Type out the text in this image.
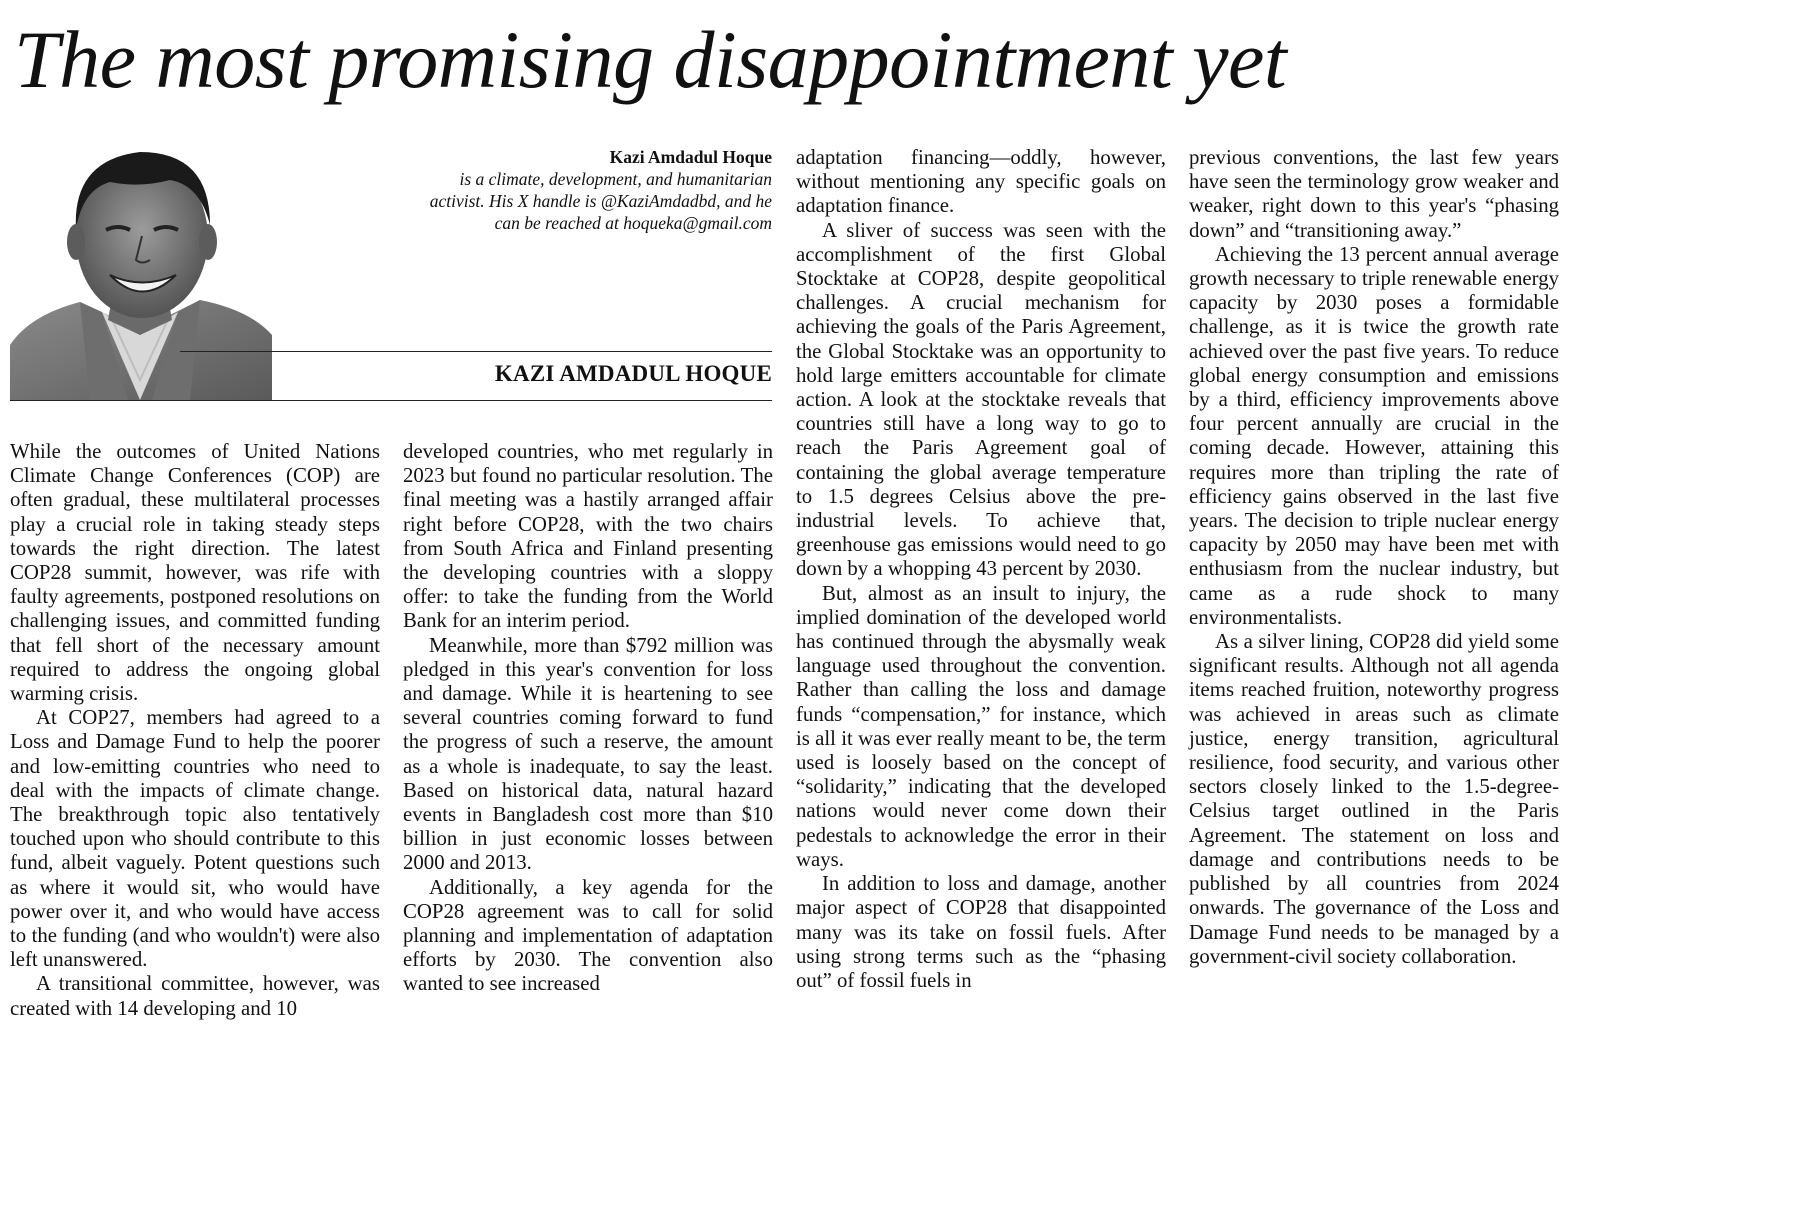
The most promising disappointment yet
Kazi Amdadul Hoque
is a climate, development, and humanitarian activist. His X handle is @KaziAmdadbd, and he can be reached at hoqueka@gmail.com
KAZI AMDADUL HOQUE

While the outcomes of United Nations Climate Change Conferences (COP) are often gradual, these multilateral processes play a crucial role in taking steady steps towards the right direction. The latest COP28 summit, however, was rife with faulty agreements, postponed resolutions on challenging issues, and committed funding that fell short of the necessary amount required to address the ongoing global warming crisis.

At COP27, members had agreed to a Loss and Damage Fund to help the poorer and low-emitting countries who need to deal with the impacts of climate change. The breakthrough topic also tentatively touched upon who should contribute to this fund, albeit vaguely. Potent questions such as where it would sit, who would have power over it, and who would have access to the funding (and who wouldn't) were also left unanswered.

A transitional committee, however, was created with 14 developing and 10

developed countries, who met regularly in 2023 but found no particular resolution. The final meeting was a hastily arranged affair right before COP28, with the two chairs from South Africa and Finland presenting the developing countries with a sloppy offer: to take the funding from the World Bank for an interim period.

Meanwhile, more than $792 million was pledged in this year's convention for loss and damage. While it is heartening to see several countries coming forward to fund the progress of such a reserve, the amount as a whole is inadequate, to say the least. Based on historical data, natural hazard events in Bangladesh cost more than $10 billion in just economic losses between 2000 and 2013.

Additionally, a key agenda for the COP28 agreement was to call for solid planning and implementation of adaptation efforts by 2030. The convention also wanted to see increased

adaptation financing—oddly, however, without mentioning any specific goals on adaptation finance.

A sliver of success was seen with the accomplishment of the first Global Stocktake at COP28, despite geopolitical challenges. A crucial mechanism for achieving the goals of the Paris Agreement, the Global Stocktake was an opportunity to hold large emitters accountable for climate action. A look at the stocktake reveals that countries still have a long way to go to reach the Paris Agreement goal of containing the global average temperature to 1.5 degrees Celsius above the pre-industrial levels. To achieve that, greenhouse gas emissions would need to go down by a whopping 43 percent by 2030.

But, almost as an insult to injury, the implied domination of the developed world has continued through the abysmally weak language used throughout the convention. Rather than calling the loss and damage funds “compensation,” for instance, which is all it was ever really meant to be, the term used is loosely based on the concept of “solidarity,” indicating that the developed nations would never come down their pedestals to acknowledge the error in their ways.

In addition to loss and damage, another major aspect of COP28 that disappointed many was its take on fossil fuels. After using strong terms such as the “phasing out” of fossil fuels in

previous conventions, the last few years have seen the terminology grow weaker and weaker, right down to this year's “phasing down” and “transitioning away.”

Achieving the 13 percent annual average growth necessary to triple renewable energy capacity by 2030 poses a formidable challenge, as it is twice the growth rate achieved over the past five years. To reduce global energy consumption and emissions by a third, efficiency improvements above four percent annually are crucial in the coming decade. However, attaining this requires more than tripling the rate of efficiency gains observed in the last five years. The decision to triple nuclear energy capacity by 2050 may have been met with enthusiasm from the nuclear industry, but came as a rude shock to many environmentalists.

As a silver lining, COP28 did yield some significant results. Although not all agenda items reached fruition, noteworthy progress was achieved in areas such as climate justice, energy transition, agricultural resilience, food security, and various other sectors closely linked to the 1.5-degree-Celsius target outlined in the Paris Agreement. The statement on loss and damage and contributions needs to be published by all countries from 2024 onwards. The governance of the Loss and Damage Fund needs to be managed by a government-civil society collaboration.
